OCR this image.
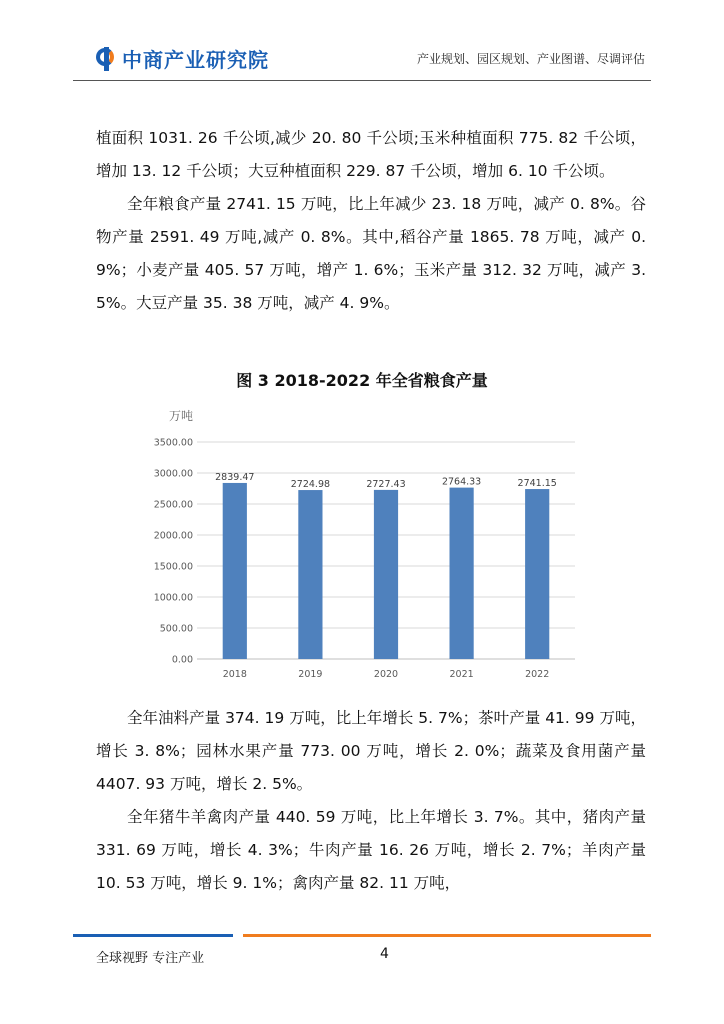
中商产业研究院	产业规划、园区规划、产业图谱、尽调评估

植面积 1031. 26 千公顷,减少 20. 80 千公顷;玉米种植面积 775. 82 千公顷，增加 13. 12 千公顷；大豆种植面积 229. 87 千公顷，增加 6. 10 千公顷。

全年粮食产量 2741. 15 万吨，比上年减少 23. 18 万吨，减产 0. 8%。谷物产量 2591. 49 万吨,减产 0. 8%。其中,稻谷产量 1865. 78 万吨，减产 0. 9%；小麦产量 405. 57 万吨，增产 1. 6%；玉米产量 312. 32 万吨，减产 3. 5%。大豆产量 35. 38 万吨，减产 4. 9%。

图 3 2018-2022 年全省粮食产量
万吨
0.00
500.00
1000.00
1500.00
2000.00
2500.00
3000.00
3500.00
2839.47
2018
2724.98
2019
2727.43
2020
2764.33
2021
2741.15
2022

全年油料产量 374. 19 万吨，比上年增长 5. 7%；茶叶产量 41. 99 万吨，增长 3. 8%；园林水果产量 773. 00 万吨，增长 2. 0%；蔬菜及食用菌产量 4407. 93 万吨，增长 2. 5%。

全年猪牛羊禽肉产量 440. 59 万吨，比上年增长 3. 7%。其中，猪肉产量 331. 69 万吨，增长 4. 3%；牛肉产量 16. 26 万吨，增长 2. 7%；羊肉产量 10. 53 万吨，增长 9. 1%；禽肉产量 82. 11 万吨，

全球视野 专注产业	4
